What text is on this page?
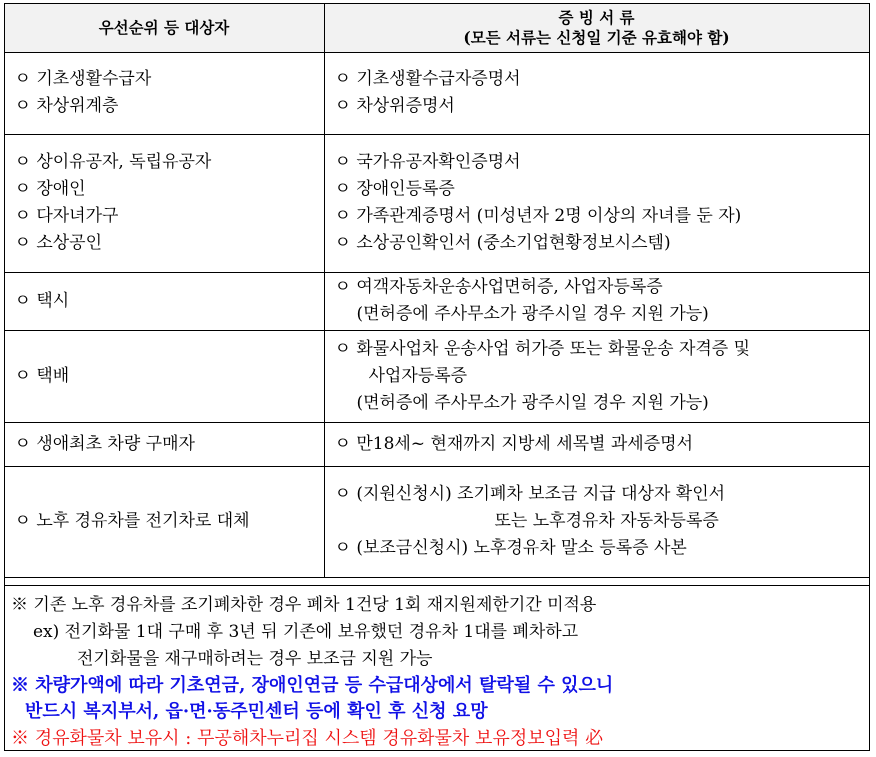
우선순위 등 대상자	증 빙 서 류
(모든 서류는 신청일 기준 유효해야 함)

ㅇ 기초생활수급자
ㅇ 차상위계층	ㅇ 기초생활수급자증명서
ㅇ 차상위증명서

ㅇ 상이유공자, 독립유공자
ㅇ 장애인
ㅇ 다자녀가구
ㅇ 소상공인	ㅇ 국가유공자확인증명서
ㅇ 장애인등록증
ㅇ 가족관계증명서 (미성년자 2명 이상의 자녀를 둔 자)
ㅇ 소상공인확인서 (중소기업현황정보시스템)

ㅇ 택시	ㅇ 여객자동차운송사업면허증, 사업자등록증
(면허증에 주사무소가 광주시일 경우 지원 가능)

ㅇ 택배	ㅇ 화물사업차 운송사업 허가증 또는 화물운송 자격증 및
사업자등록증
(면허증에 주사무소가 광주시일 경우 지원 가능)

ㅇ 생애최초 차량 구매자	ㅇ 만18세~ 현재까지 지방세 세목별 과세증명서

ㅇ 노후 경유차를 전기차로 대체	ㅇ (지원신청시) 조기폐차 보조금 지급 대상자 확인서
또는 노후경유차 자동차등록증
ㅇ (보조금신청시) 노후경유차 말소 등록증 사본
※ 기존 노후 경유차를 조기폐차한 경우 폐차 1건당 1회 재지원제한기간 미적용
ex) 전기화물 1대 구매 후 3년 뒤 기존에 보유했던 경유차 1대를 폐차하고
전기화물을 재구매하려는 경우 보조금 지원 가능
※ 차량가액에 따라 기초연금, 장애인연금 등 수급대상에서 탈락될 수 있으니
반드시 복지부서, 읍·면·동주민센터 등에 확인 후 신청 요망
※ 경유화물차 보유시 : 무공해차누리집 시스템 경유화물차 보유정보입력 必
